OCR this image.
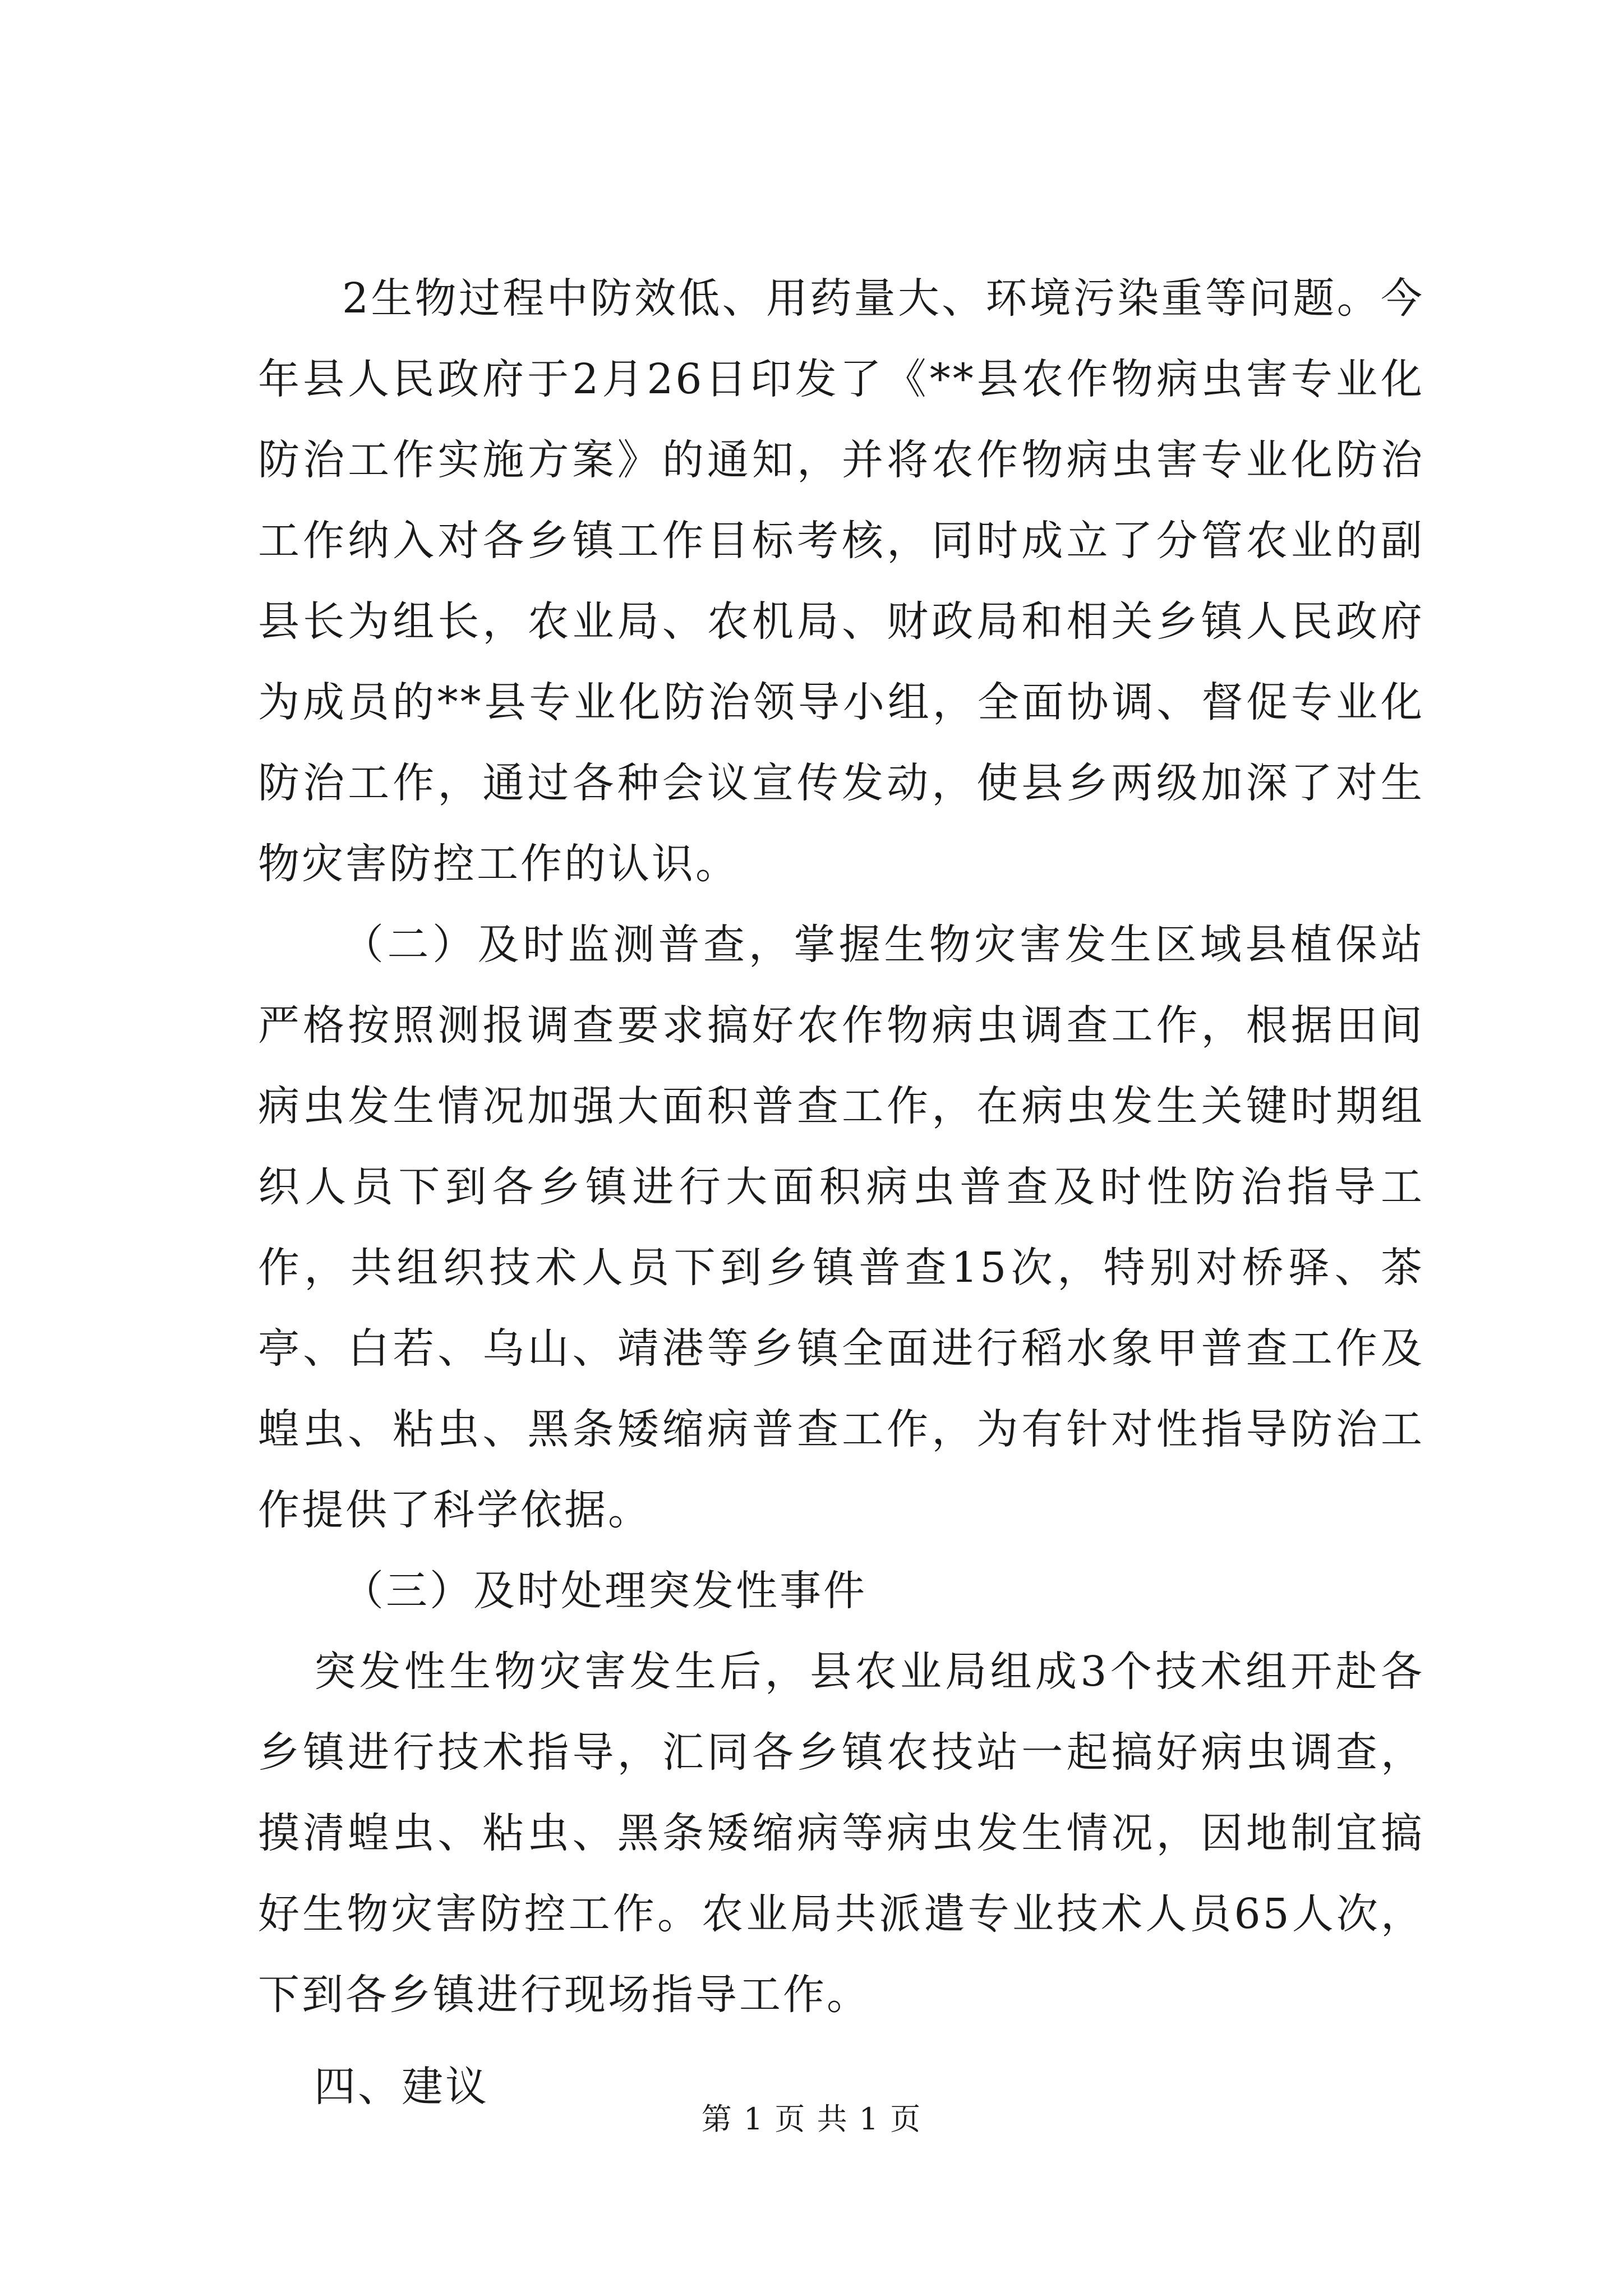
2生物过程中防效低、用药量大、环境污染重等问题。今年县人民政府于2月26日印发了《**县农作物病虫害专业化防治工作实施方案》的通知，并将农作物病虫害专业化防治工作纳入对各乡镇工作目标考核，同时成立了分管农业的副县长为组长，农业局、农机局、财政局和相关乡镇人民政府为成员的**县专业化防治领导小组，全面协调、督促专业化防治工作，通过各种会议宣传发动，使县乡两级加深了对生物灾害防控工作的认识。

（二）及时监测普查，掌握生物灾害发生区域县植保站严格按照测报调查要求搞好农作物病虫调查工作，根据田间病虫发生情况加强大面积普查工作，在病虫发生关键时期组织人员下到各乡镇进行大面积病虫普查及时性防治指导工作，共组织技术人员下到乡镇普查15次，特别对桥驿、茶亭、白若、乌山、靖港等乡镇全面进行稻水象甲普查工作及蝗虫、粘虫、黑条矮缩病普查工作，为有针对性指导防治工作提供了科学依据。

（三）及时处理突发性事件

突发性生物灾害发生后，县农业局组成3个技术组开赴各乡镇进行技术指导，汇同各乡镇农技站一起搞好病虫调查，摸清蝗虫、粘虫、黑条矮缩病等病虫发生情况，因地制宜搞好生物灾害防控工作。农业局共派遣专业技术人员65人次，下到各乡镇进行现场指导工作。

四、建议

第 1 页 共 1 页
